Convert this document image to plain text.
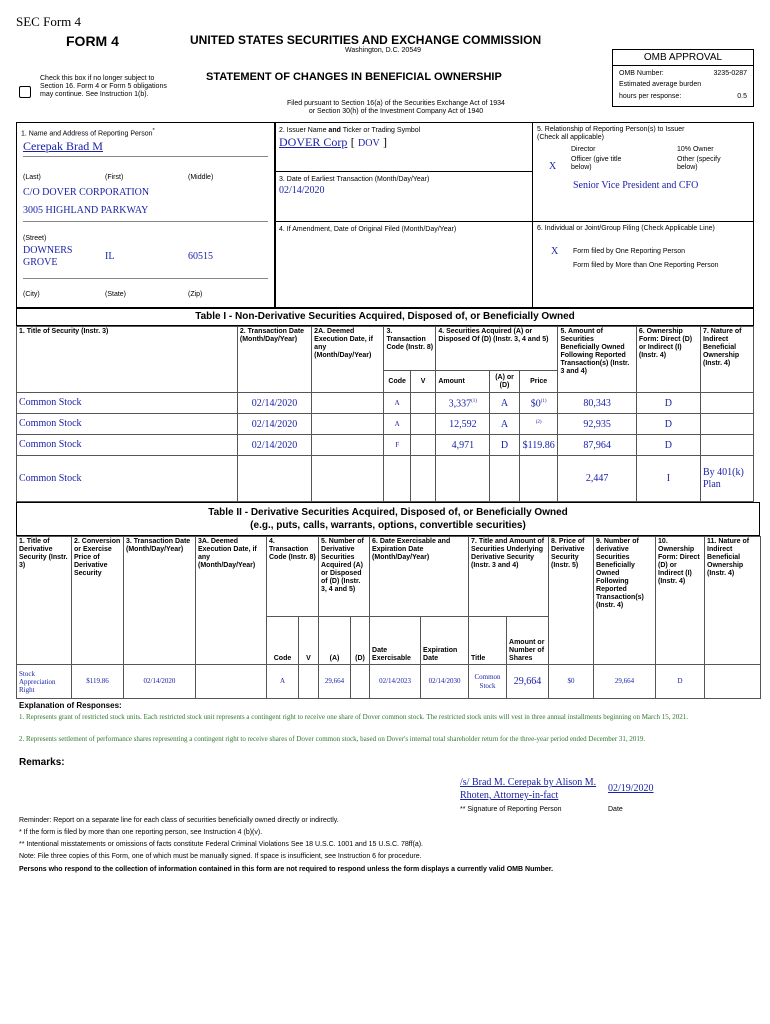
SEC Form 4
FORM 4	UNITED STATES SECURITIES AND EXCHANGE COMMISSION
Washington, D.C. 20549
STATEMENT OF CHANGES IN BENEFICIAL OWNERSHIP
Filed pursuant to Section 16(a) of the Securities Exchange Act of 1934
or Section 30(h) of the Investment Company Act of 1940
Check this box if no longer subject to Section 16. Form 4 or Form 5 obligations may continue. See Instruction 1(b).
OMB APPROVAL
OMB Number:	3235-0287
Estimated average burden
hours per response:	0.5
1. Name and Address of Reporting Person*
Cerepak Brad M
(Last)	(First)	(Middle)
C/O DOVER CORPORATION
3005 HIGHLAND PARKWAY
(Street)
DOWNERS GROVE
IL	60515
(City)	(State)	(Zip)
2. Issuer Name and Ticker or Trading Symbol
DOVER Corp [ DOV ]
3. Date of Earliest Transaction (Month/Day/Year)
02/14/2020
4. If Amendment, Date of Original Filed (Month/Day/Year)
5. Relationship of Reporting Person(s) to Issuer
(Check all applicable)
Director	10% Owner
X
Officer (give title below)
Other (specify below)
Senior Vice President and CFO
6. Individual or Joint/Group Filing (Check Applicable Line)
X Form filed by One Reporting Person
Form filed by More than One Reporting Person
Table I - Non-Derivative Securities Acquired, Disposed of, or Beneficially Owned
1. Title of Security (Instr. 3)	2. Transaction Date (Month/Day/Year)	2A. Deemed Execution Date, if any (Month/Day/Year)	3. Transaction Code (Instr. 8)		4. Securities Acquired (A) or Disposed Of (D) (Instr. 3, 4 and 5)			5. Amount of Securities Beneficially Owned Following Reported Transaction(s) (Instr. 3 and 4)	6. Ownership Form: Direct (D) or Indirect (I) (Instr. 4)	7. Nature of Indirect Beneficial Ownership (Instr. 4)
			Code	V	Amount	(A) or (D)	Price			
Common Stock	02/14/2020		A		3,337$^{(1)}$	A	$0$^{(1)}$	80,343	D	
Common Stock	02/14/2020		A		12,592	A	$^{(2)}$	92,935	D	
Common Stock	02/14/2020		F		4,971	D	$119.86	87,964	D	
Common Stock								2,447	I	By 401(k) Plan
Table II - Derivative Securities Acquired, Disposed of, or Beneficially Owned
(e.g., puts, calls, warrants, options, convertible securities)
1. Title of Derivative Security (Instr. 3)	2. Conversion or Exercise Price of Derivative Security	3. Transaction Date (Month/Day/Year)	3A. Deemed Execution Date, if any (Month/Day/Year)	4. Transaction Code (Instr. 8)		5. Number of Derivative Securities Acquired (A) or Disposed of (D) (Instr. 3, 4 and 5)		6. Date Exercisable and Expiration Date (Month/Day/Year)		7. Title and Amount of Securities Underlying Derivative Security (Instr. 3 and 4)		8. Price of Derivative Security (Instr. 5)	9. Number of derivative Securities Beneficially Owned Following Reported Transaction(s) (Instr. 4)	10. Ownership Form: Direct (D) or Indirect (I) (Instr. 4)	11. Nature of Indirect Beneficial Ownership (Instr. 4)
				Code	V	(A)	(D)	Date Exercisable	Expiration Date	Title	Amount or Number of Shares				
Stock Appreciation Right	$119.86	02/14/2020		A		29,664		02/14/2023	02/14/2030	Common Stock	29,664	$0	29,664	D	
Explanation of Responses:
1. Represents grant of restricted stock units. Each restricted stock unit represents a contingent right to receive one share of Dover common stock. The restricted stock units will vest in three annual installments beginning on March 15, 2021.
2. Represents settlement of performance shares representing a contingent right to receive shares of Dover common stock, based on Dover's internal total shareholder return for the three-year period ended December 31, 2019.
Remarks:
/s/ Brad M. Cerepak by Alison M. Rhoten, Attorney-in-fact
02/19/2020
** Signature of Reporting Person	Date
Reminder: Report on a separate line for each class of securities beneficially owned directly or indirectly.
* If the form is filed by more than one reporting person, see Instruction 4 (b)(v).
** Intentional misstatements or omissions of facts constitute Federal Criminal Violations See 18 U.S.C. 1001 and 15 U.S.C. 78ff(a).
Note: File three copies of this Form, one of which must be manually signed. If space is insufficient, see Instruction 6 for procedure.
Persons who respond to the collection of information contained in this form are not required to respond unless the form displays a currently valid OMB Number.
